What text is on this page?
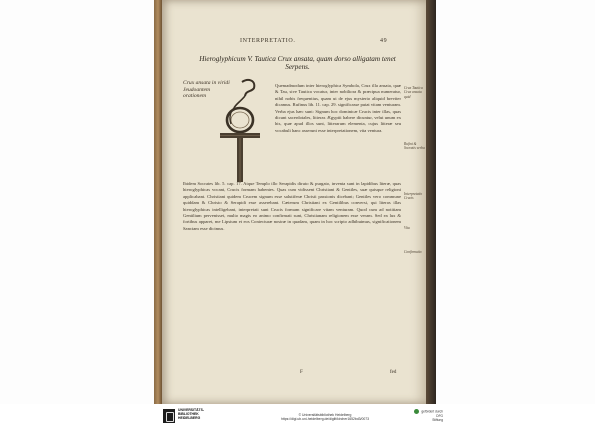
INTERPRETATIO.	49
Hieroglyphicum V. Tautica Crux ansata, quam dorso alligatam tenet Serpens.
Crux ansata in viridi Jeudoantem orationem

Quemadmodum inter hieroglyphica Symbola, Crux illa ansata, quæ & Tau, sive Tautica vocatur, inter nobiliora & præcipua numeratur, nihil nobis frequentius, quam ut de ejus mysterio aliquid breviter dicamus. Rufinus lib. 11. cap. 29. significasse putat vitam venturam. Verba ejus hæc sunt: Signum hoc dominicæ Crucis inter illas, quas dicunt sacerdotales, litteras Ægyptii habere dicuntur, velut unum ex his, quæ apud illos sunt, litterarum elementa, cujus litteræ seu vocabuli hanc asserunt esse interpretationem, vita ventura.

Ibidem Socrates lib. 5. cap. 17. Atque Templo illo Serapidis diruto & purgato, inventa sunt in lapidibus literæ, quas hieroglyphicas vocant, Crucis formam habentes. Quas cum vidissent Christiani & Gentiles, suæ quisque religioni applicabant. Christiani quidem Crucem signum esse salutiferæ Christi passionis dicebant; Gentiles vero commune quiddam & Christo & Serapidi esse asserebant. Cæterum Christiani ex Gentilibus conversi, qui literas illas hieroglyphicas intelligebant, interpretati sunt Crucis formam significare vitam venturam. Quod cum ad notitiam Gentilium pervenisset, multo magis eo animo confirmati sunt, Christianam religionem esse veram. Sed ea lux & fortibus apparet, me Lipsium et eos Coniecturæ nostræ in quadam, quam in hoc scripto adhibuimus, significationem Sanctam esse dicimus.

Crux Tautica Crux ansata quid
Rufini & Socratis verba
Interpretatio Crucis
Vita
Confirmatio
F	fed
UNIVERSITÄTS-
BIBLIOTHEK
HEIDELBERG
© Universitätsbibliothek Heidelberg
https://digi.ub.uni-heidelberg.de/diglit/kircher1652bd3/0073
gefördert durch
DFG
Stiftung
